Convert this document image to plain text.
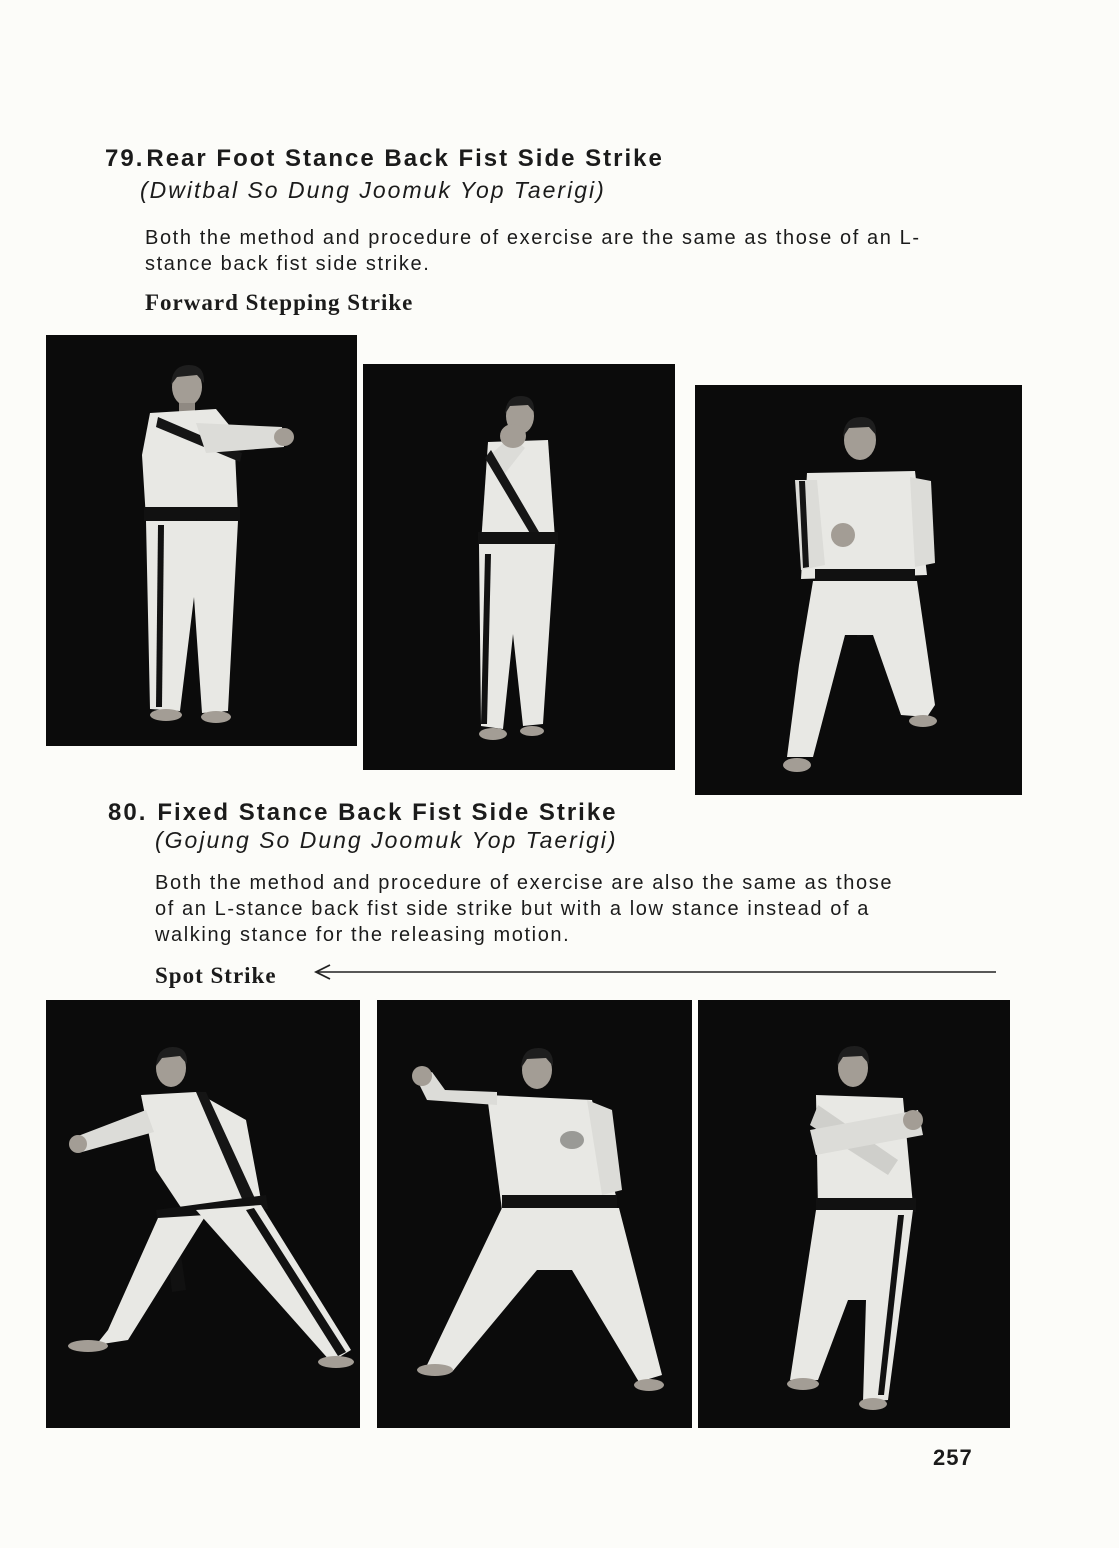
79.Rear Foot Stance Back Fist Side Strike
(Dwitbal So Dung Joomuk Yop Taerigi)
Both the method and procedure of exercise are the same as those of an L-
stance back fist side strike.
Forward Stepping Strike
80. Fixed Stance Back Fist Side Strike
(Gojung So Dung Joomuk Yop Taerigi)
Both the method and procedure of exercise are also the same as those
of an L-stance back fist side strike but with a low stance instead of a
walking stance for the releasing motion.
Spot Strike
257
